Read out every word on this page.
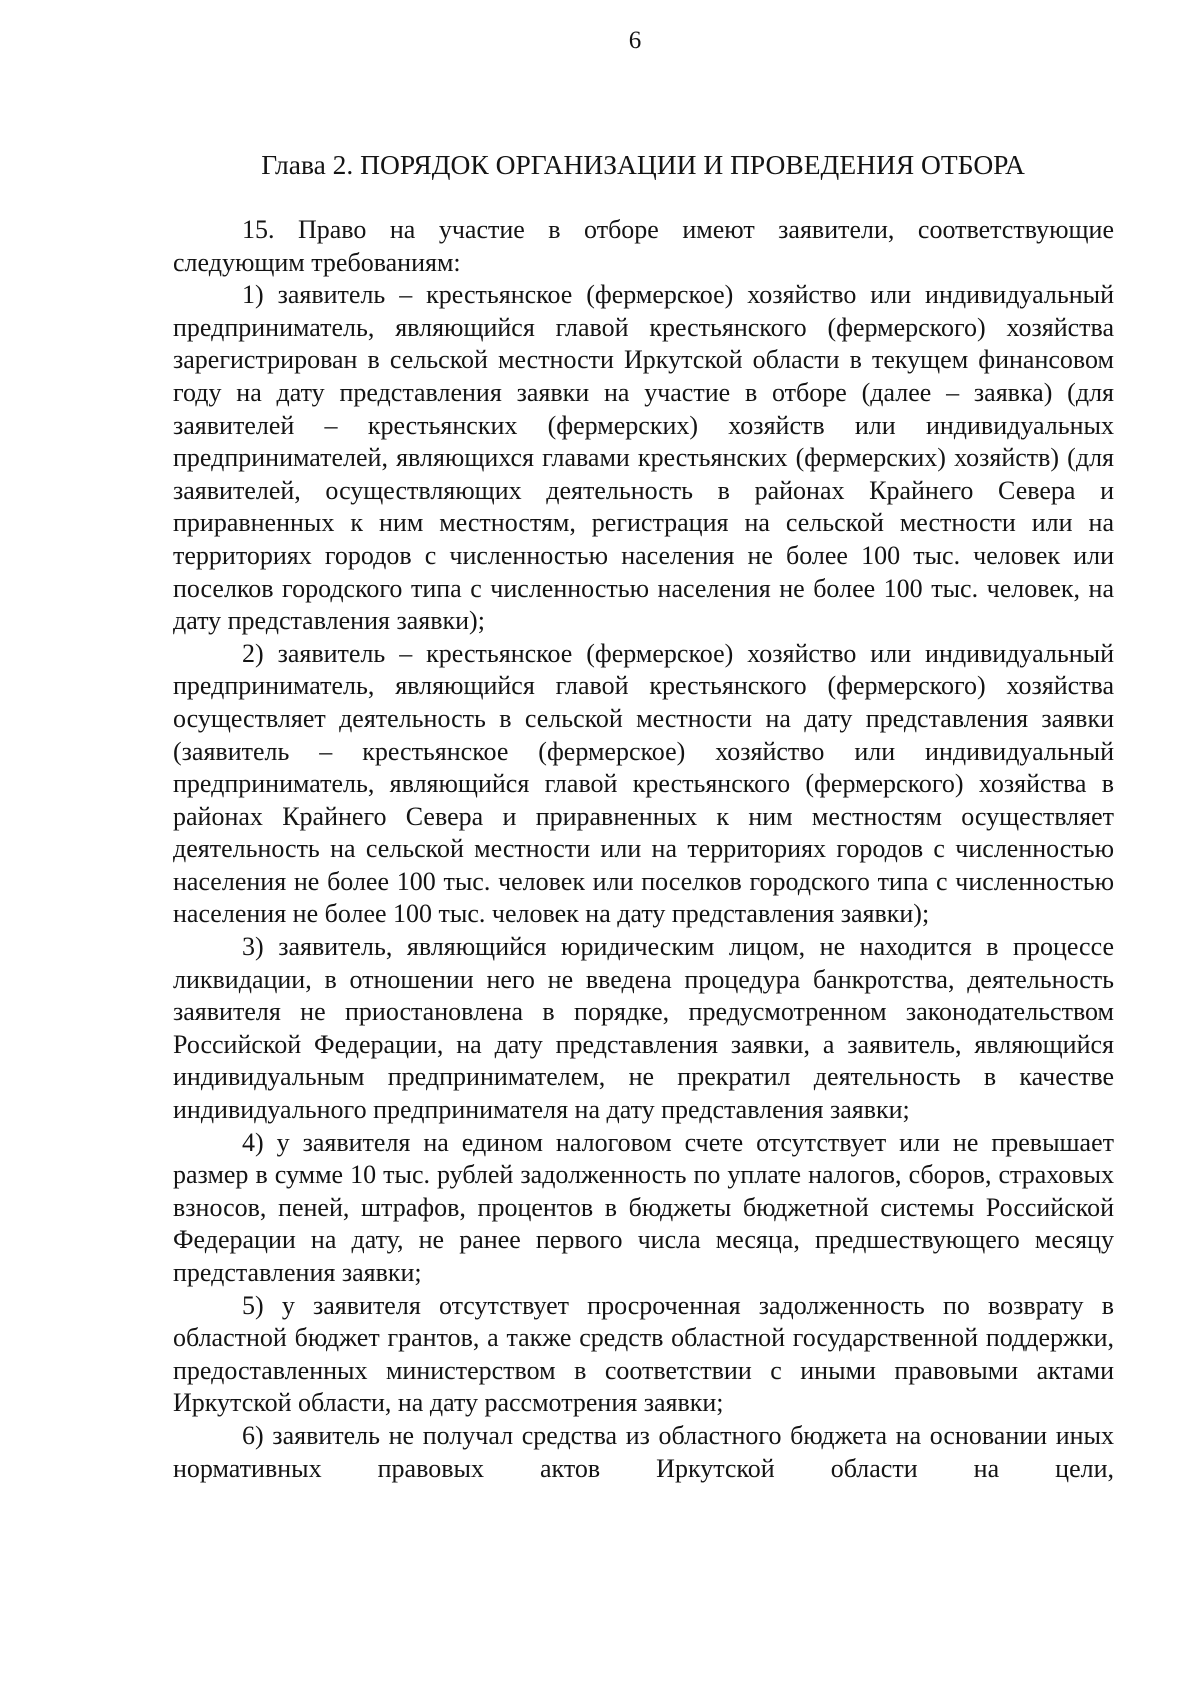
6
Глава 2. ПОРЯДОК ОРГАНИЗАЦИИ И ПРОВЕДЕНИЯ ОТБОРА

15. Право на участие в отборе имеют заявители, соответствующие следующим требованиям:

1) заявитель – крестьянское (фермерское) хозяйство или индивидуальный предприниматель, являющийся главой крестьянского (фермерского) хозяйства зарегистрирован в сельской местности Иркутской области в текущем финансовом году на дату представления заявки на участие в отборе (далее – заявка) (для заявителей – крестьянских (фермерских) хозяйств или индивидуальных предпринимателей, являющихся главами крестьянских (фермерских) хозяйств) (для заявителей, осуществляющих деятельность в районах Крайнего Севера и приравненных к ним местностям, регистрация на сельской местности или на территориях городов с численностью населения не более 100 тыс. человек или поселков городского типа с численностью населения не более 100 тыс. человек, на дату представления заявки);

2) заявитель – крестьянское (фермерское) хозяйство или индивидуальный предприниматель, являющийся главой крестьянского (фермерского) хозяйства осуществляет деятельность в сельской местности на дату представления заявки (заявитель – крестьянское (фермерское) хозяйство или индивидуальный предприниматель, являющийся главой крестьянского (фермерского) хозяйства в районах Крайнего Севера и приравненных к ним местностям осуществляет деятельность на сельской местности или на территориях городов с численностью населения не более 100 тыс. человек или поселков городского типа с численностью населения не более 100 тыс. человек на дату представления заявки);

3) заявитель, являющийся юридическим лицом, не находится в процессе ликвидации, в отношении него не введена процедура банкротства, деятельность заявителя не приостановлена в порядке, предусмотренном законодательством Российской Федерации, на дату представления заявки, а заявитель, являющийся индивидуальным предпринимателем, не прекратил деятельность в качестве индивидуального предпринимателя на дату представления заявки;

4) у заявителя на едином налоговом счете отсутствует или не превышает размер в сумме 10 тыс. рублей задолженность по уплате налогов, сборов, страховых взносов, пеней, штрафов, процентов в бюджеты бюджетной системы Российской Федерации на дату, не ранее первого числа месяца, предшествующего месяцу представления заявки;

5) у заявителя отсутствует просроченная задолженность по возврату в областной бюджет грантов, а также средств областной государственной поддержки, предоставленных министерством в соответствии с иными правовыми актами Иркутской области, на дату рассмотрения заявки;

6) заявитель не получал средства из областного бюджета на основании иных нормативных правовых актов Иркутской области на цели,
